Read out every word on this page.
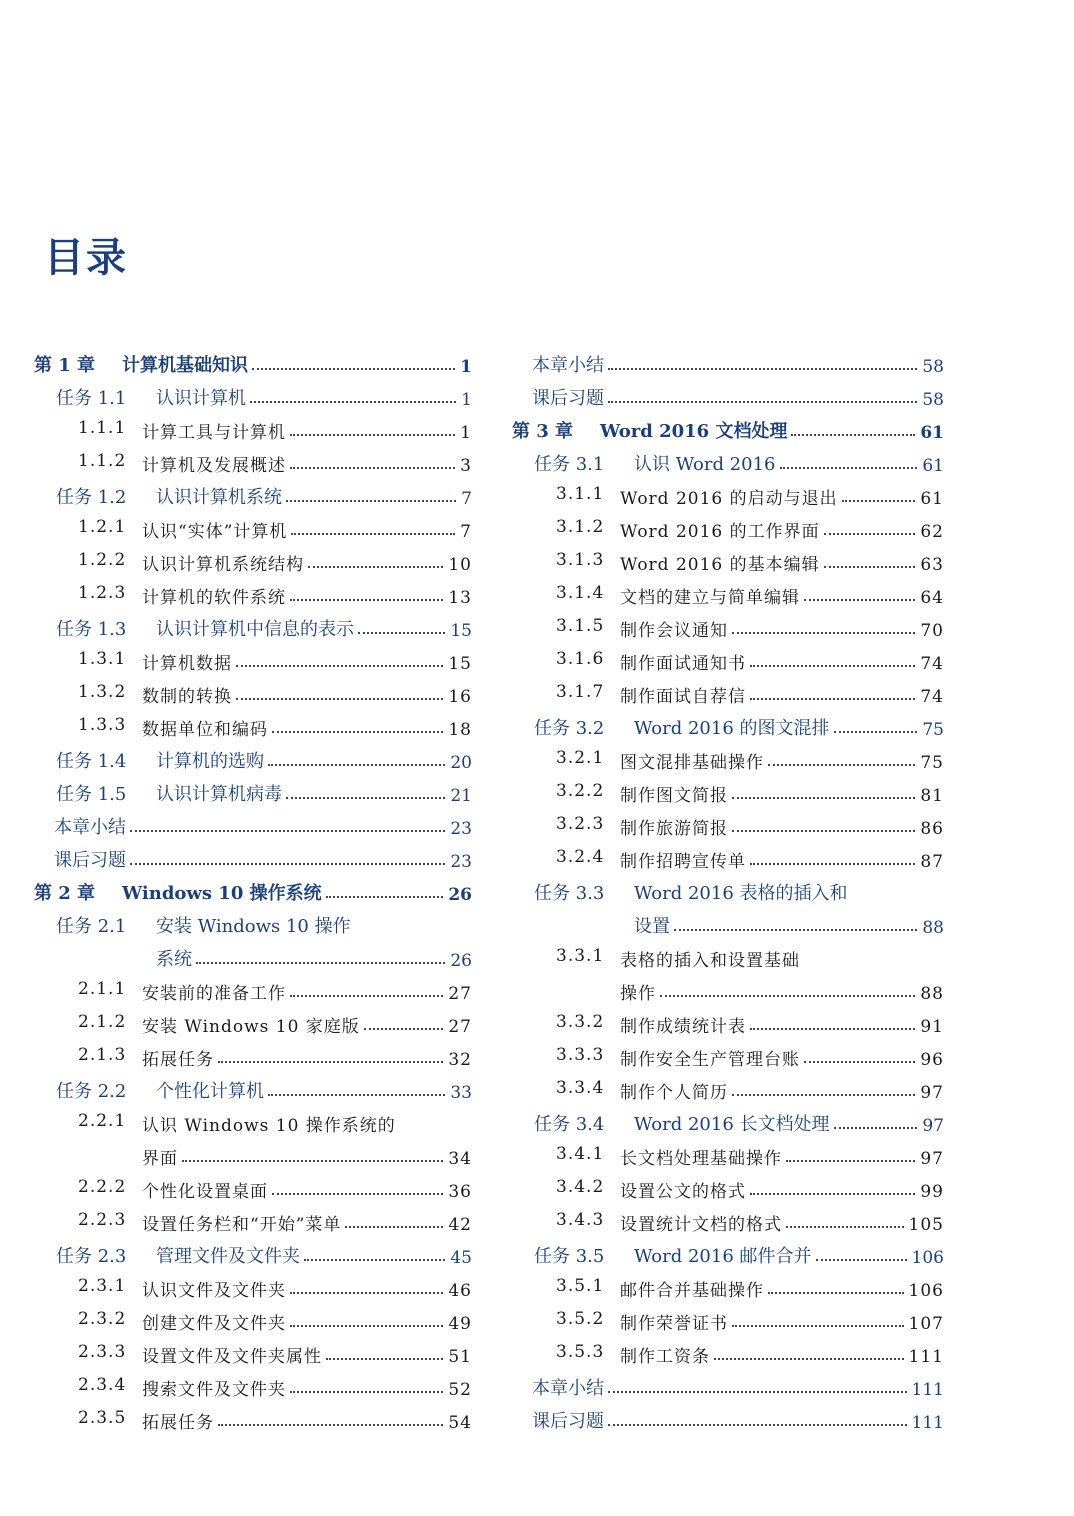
目录
第 1 章	计算机基础知识	1
任务 1.1	认识计算机	1
1.1.1 计算工具与计算机	1
1.1.2 计算机及发展概述	3
任务 1.2	认识计算机系统	7
1.2.1 认识“实体”计算机	7
1.2.2 认识计算机系统结构	10
1.2.3 计算机的软件系统	13
任务 1.3	认识计算机中信息的表示	15
1.3.1 计算机数据	15
1.3.2 数制的转换	16
1.3.3 数据单位和编码	18
任务 1.4	计算机的选购	20
任务 1.5	认识计算机病毒	21
本章小结	23
课后习题	23
第 2 章	Windows 10 操作系统	26
任务 2.1	安装 Windows 10 操作
系统	26
2.1.1 安装前的准备工作	27
2.1.2 安装 Windows 10 家庭版	27
2.1.3 拓展任务	32
任务 2.2	个性化计算机	33
2.2.1 认识 Windows 10 操作系统的
界面	34
2.2.2 个性化设置桌面	36
2.2.3 设置任务栏和“开始”菜单	42
任务 2.3	管理文件及文件夹	45
2.3.1 认识文件及文件夹	46
2.3.2 创建文件及文件夹	49
2.3.3 设置文件及文件夹属性	51
2.3.4 搜索文件及文件夹	52
2.3.5 拓展任务	54
本章小结	58
课后习题	58
第 3 章	Word 2016 文档处理	61
任务 3.1	认识 Word 2016	61
3.1.1 Word 2016 的启动与退出	61
3.1.2 Word 2016 的工作界面	62
3.1.3 Word 2016 的基本编辑	63
3.1.4 文档的建立与简单编辑	64
3.1.5 制作会议通知	70
3.1.6 制作面试通知书	74
3.1.7 制作面试自荐信	74
任务 3.2	Word 2016 的图文混排	75
3.2.1 图文混排基础操作	75
3.2.2 制作图文简报	81
3.2.3 制作旅游简报	86
3.2.4 制作招聘宣传单	87
任务 3.3	Word 2016 表格的插入和
设置	88
3.3.1 表格的插入和设置基础
操作	88
3.3.2 制作成绩统计表	91
3.3.3 制作安全生产管理台账	96
3.3.4 制作个人简历	97
任务 3.4	Word 2016 长文档处理	97
3.4.1 长文档处理基础操作	97
3.4.2 设置公文的格式	99
3.4.3 设置统计文档的格式	105
任务 3.5	Word 2016 邮件合并	106
3.5.1 邮件合并基础操作	106
3.5.2 制作荣誉证书	107
3.5.3 制作工资条	111
本章小结	111
课后习题	111
